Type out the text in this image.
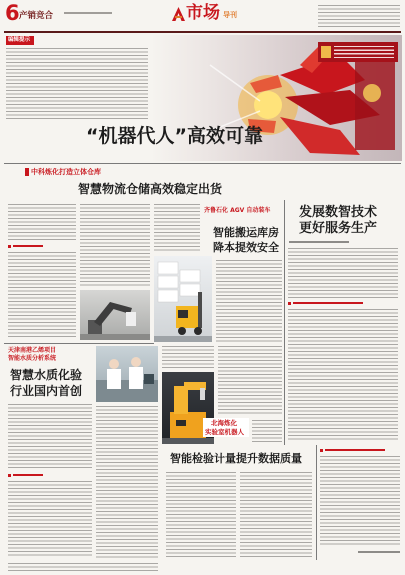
6 产销竞合	市场 导刊
编辑提示
“机器代人”高效可靠
中科炼化打造立体仓库
智慧物流仓储高效稳定出货
齐鲁石化 AGV 自动装车
智能搬运库房
降本提效安全
发展数智技术
更好服务生产
天津南港乙烯项目
智能水质分析系统
智慧水质化验
行业国内首创
北海炼化
实验室机器人
智能检验计量提升数据质量
